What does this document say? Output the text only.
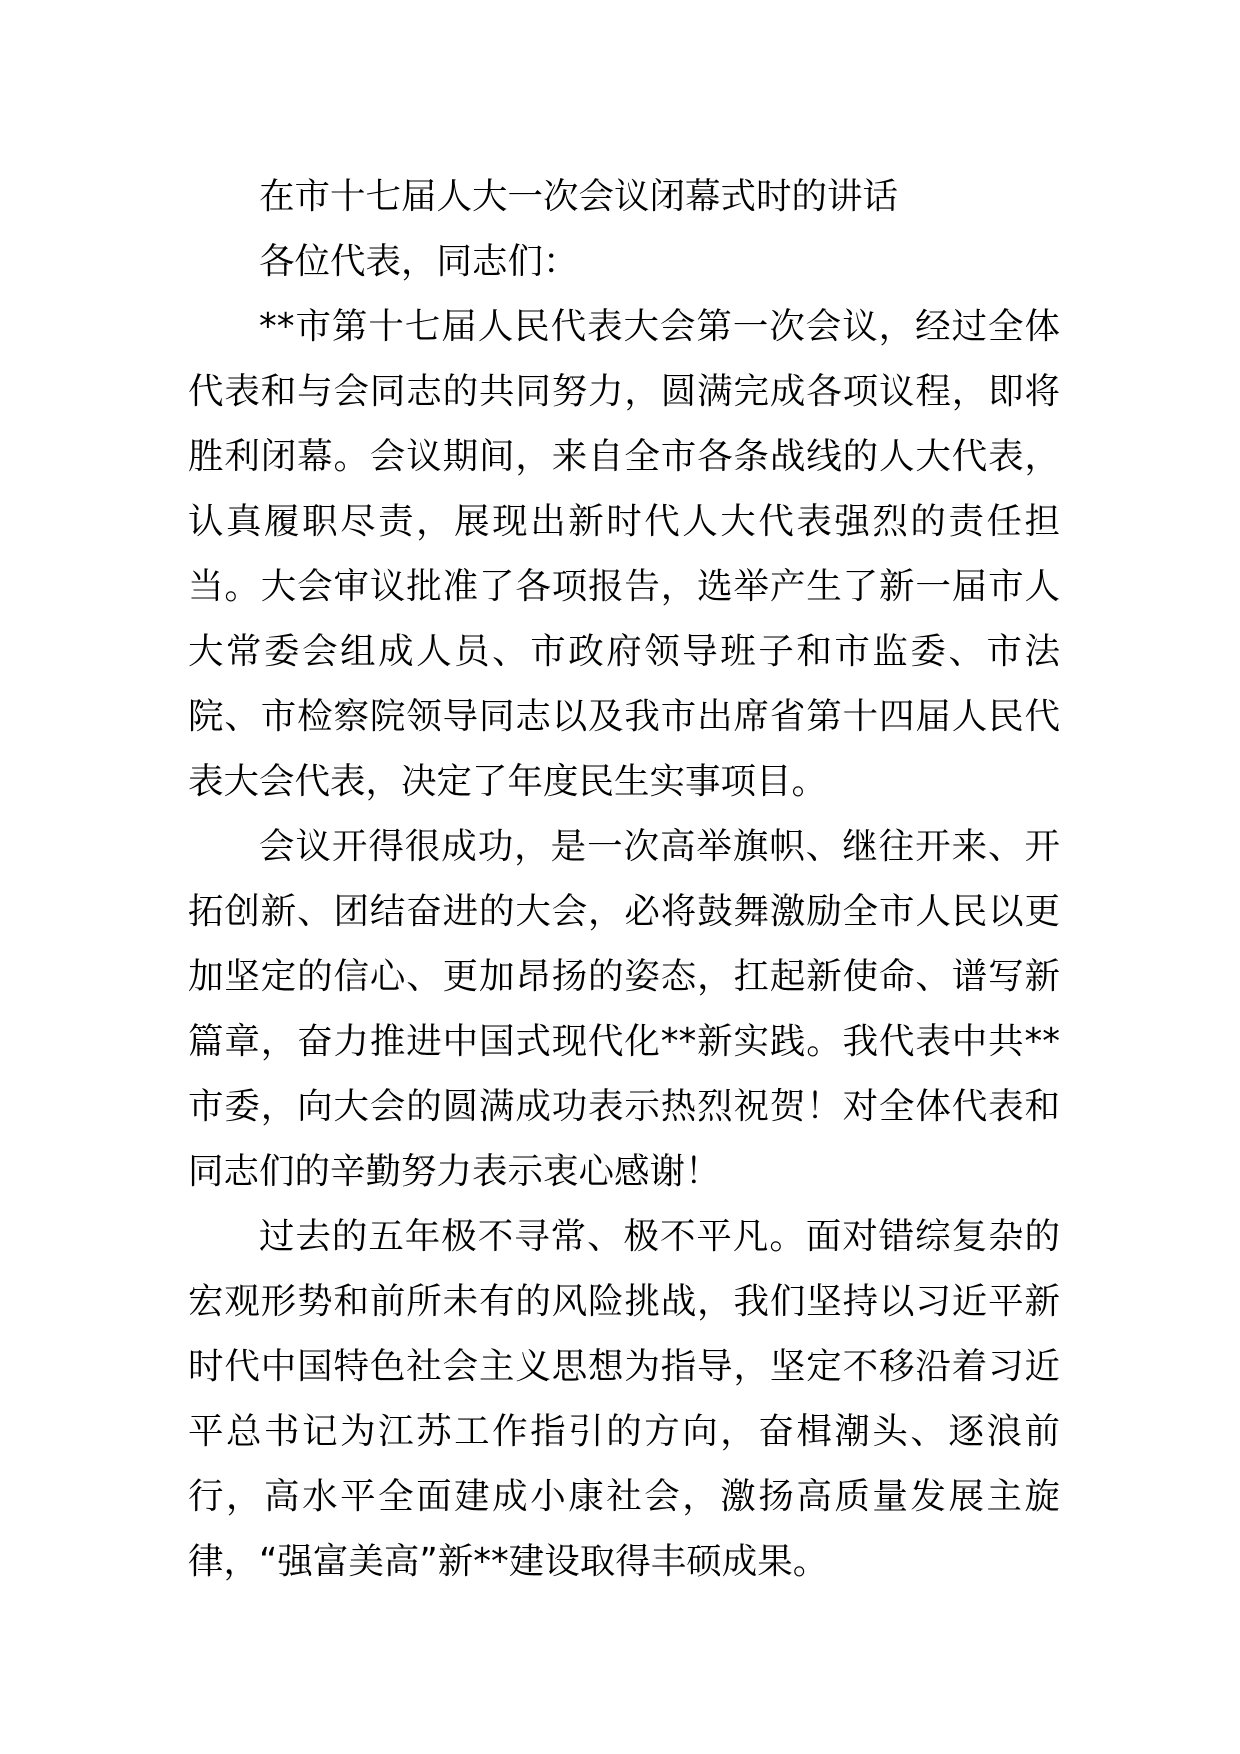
在市十七届人大一次会议闭幕式时的讲话

各位代表，同志们：

**市第十七届人民代表大会第一次会议，经过全体代表和与会同志的共同努力，圆满完成各项议程，即将胜利闭幕。会议期间，来自全市各条战线的人大代表，认真履职尽责，展现出新时代人大代表强烈的责任担当。大会审议批准了各项报告，选举产生了新一届市人大常委会组成人员、市政府领导班子和市监委、市法院、市检察院领导同志以及我市出席省第十四届人民代表大会代表，决定了年度民生实事项目。

会议开得很成功，是一次高举旗帜、继往开来、开拓创新、团结奋进的大会，必将鼓舞激励全市人民以更加坚定的信心、更加昂扬的姿态，扛起新使命、谱写新篇章，奋力推进中国式现代化**新实践。我代表中共**市委，向大会的圆满成功表示热烈祝贺！对全体代表和同志们的辛勤努力表示衷心感谢！

过去的五年极不寻常、极不平凡。面对错综复杂的宏观形势和前所未有的风险挑战，我们坚持以习近平新时代中国特色社会主义思想为指导，坚定不移沿着习近平总书记为江苏工作指引的方向，奋楫潮头、逐浪前行，高水平全面建成小康社会，激扬高质量发展主旋律，“强富美高”新**建设取得丰硕成果。
